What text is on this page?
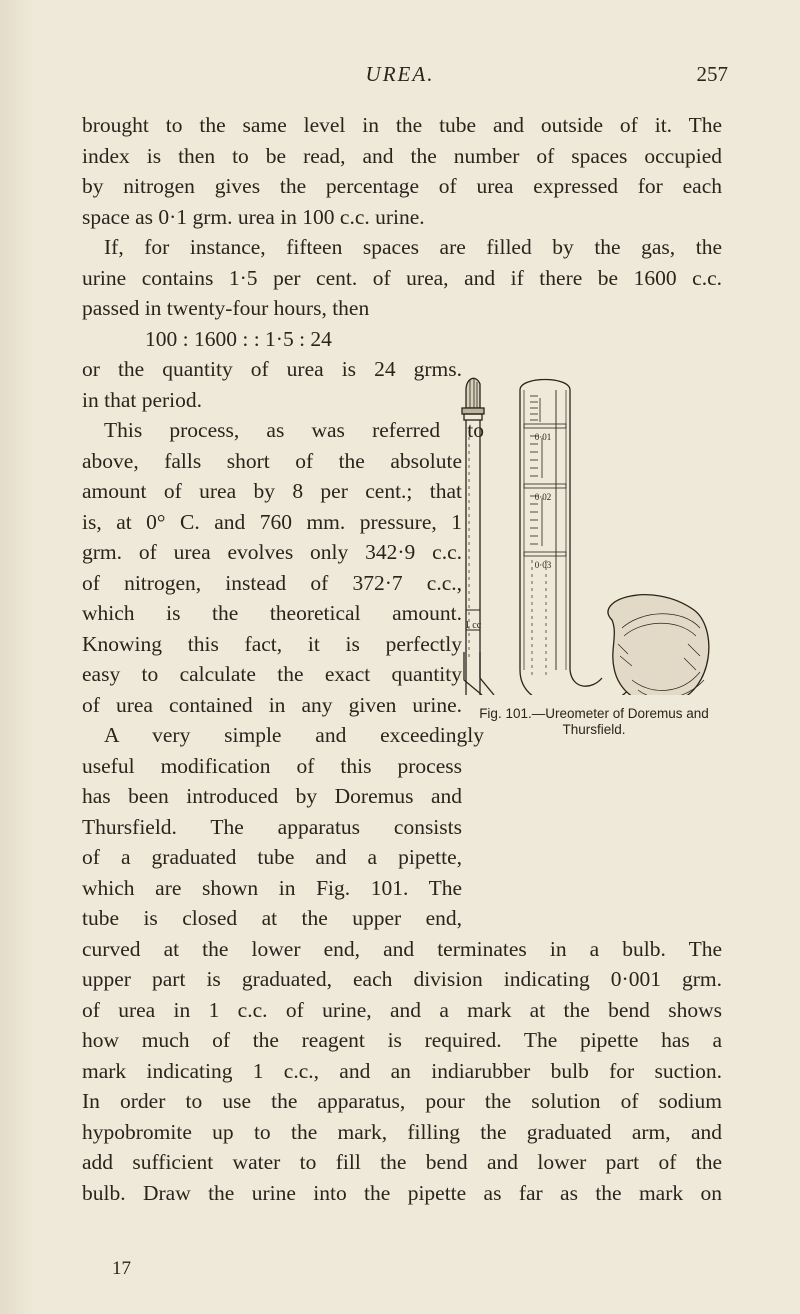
UREA.	257
brought to the same level in the tube and outside of it. The
index is then to be read, and the number of spaces occupied
by nitrogen gives the percentage of urea expressed for each
space as 0·1 grm. urea in 100 c.c. urine.
If, for instance, fifteen spaces are filled by the gas, the
urine contains 1·5 per cent. of urea, and if there be 1600 c.c.
passed in twenty-four hours, then
100 : 1600 : : 1·5 : 24
or the quantity of urea is 24 grms.
in that period.
This process, as was referred to
above, falls short of the absolute
amount of urea by 8 per cent.; that
is, at 0° C. and 760 mm. pressure, 1
grm. of urea evolves only 342·9 c.c.
of nitrogen, instead of 372·7 c.c.,
which is the theoretical amount.
Knowing this fact, it is perfectly
easy to calculate the exact quantity
of urea contained in any given urine.
A very simple and exceedingly
useful modification of this process
has been introduced by Doremus and
Thursfield. The apparatus consists
of a graduated tube and a pipette,
which are shown in Fig. 101. The
tube is closed at the upper end,
curved at the lower end, and terminates in a bulb. The
upper part is graduated, each division indicating 0·001 grm.
of urea in 1 c.c. of urine, and a mark at the bend shows
how much of the reagent is required. The pipette has a
mark indicating 1 c.c., and an indiarubber bulb for suction.
In order to use the apparatus, pour the solution of sodium
hypobromite up to the mark, filling the graduated arm, and
add sufficient water to fill the bend and lower part of the
bulb. Draw the urine into the pipette as far as the mark on
1 cc
0·01
0·02
0·03
Fig. 101.—Ureometer of Doremus and Thursfield.
17
